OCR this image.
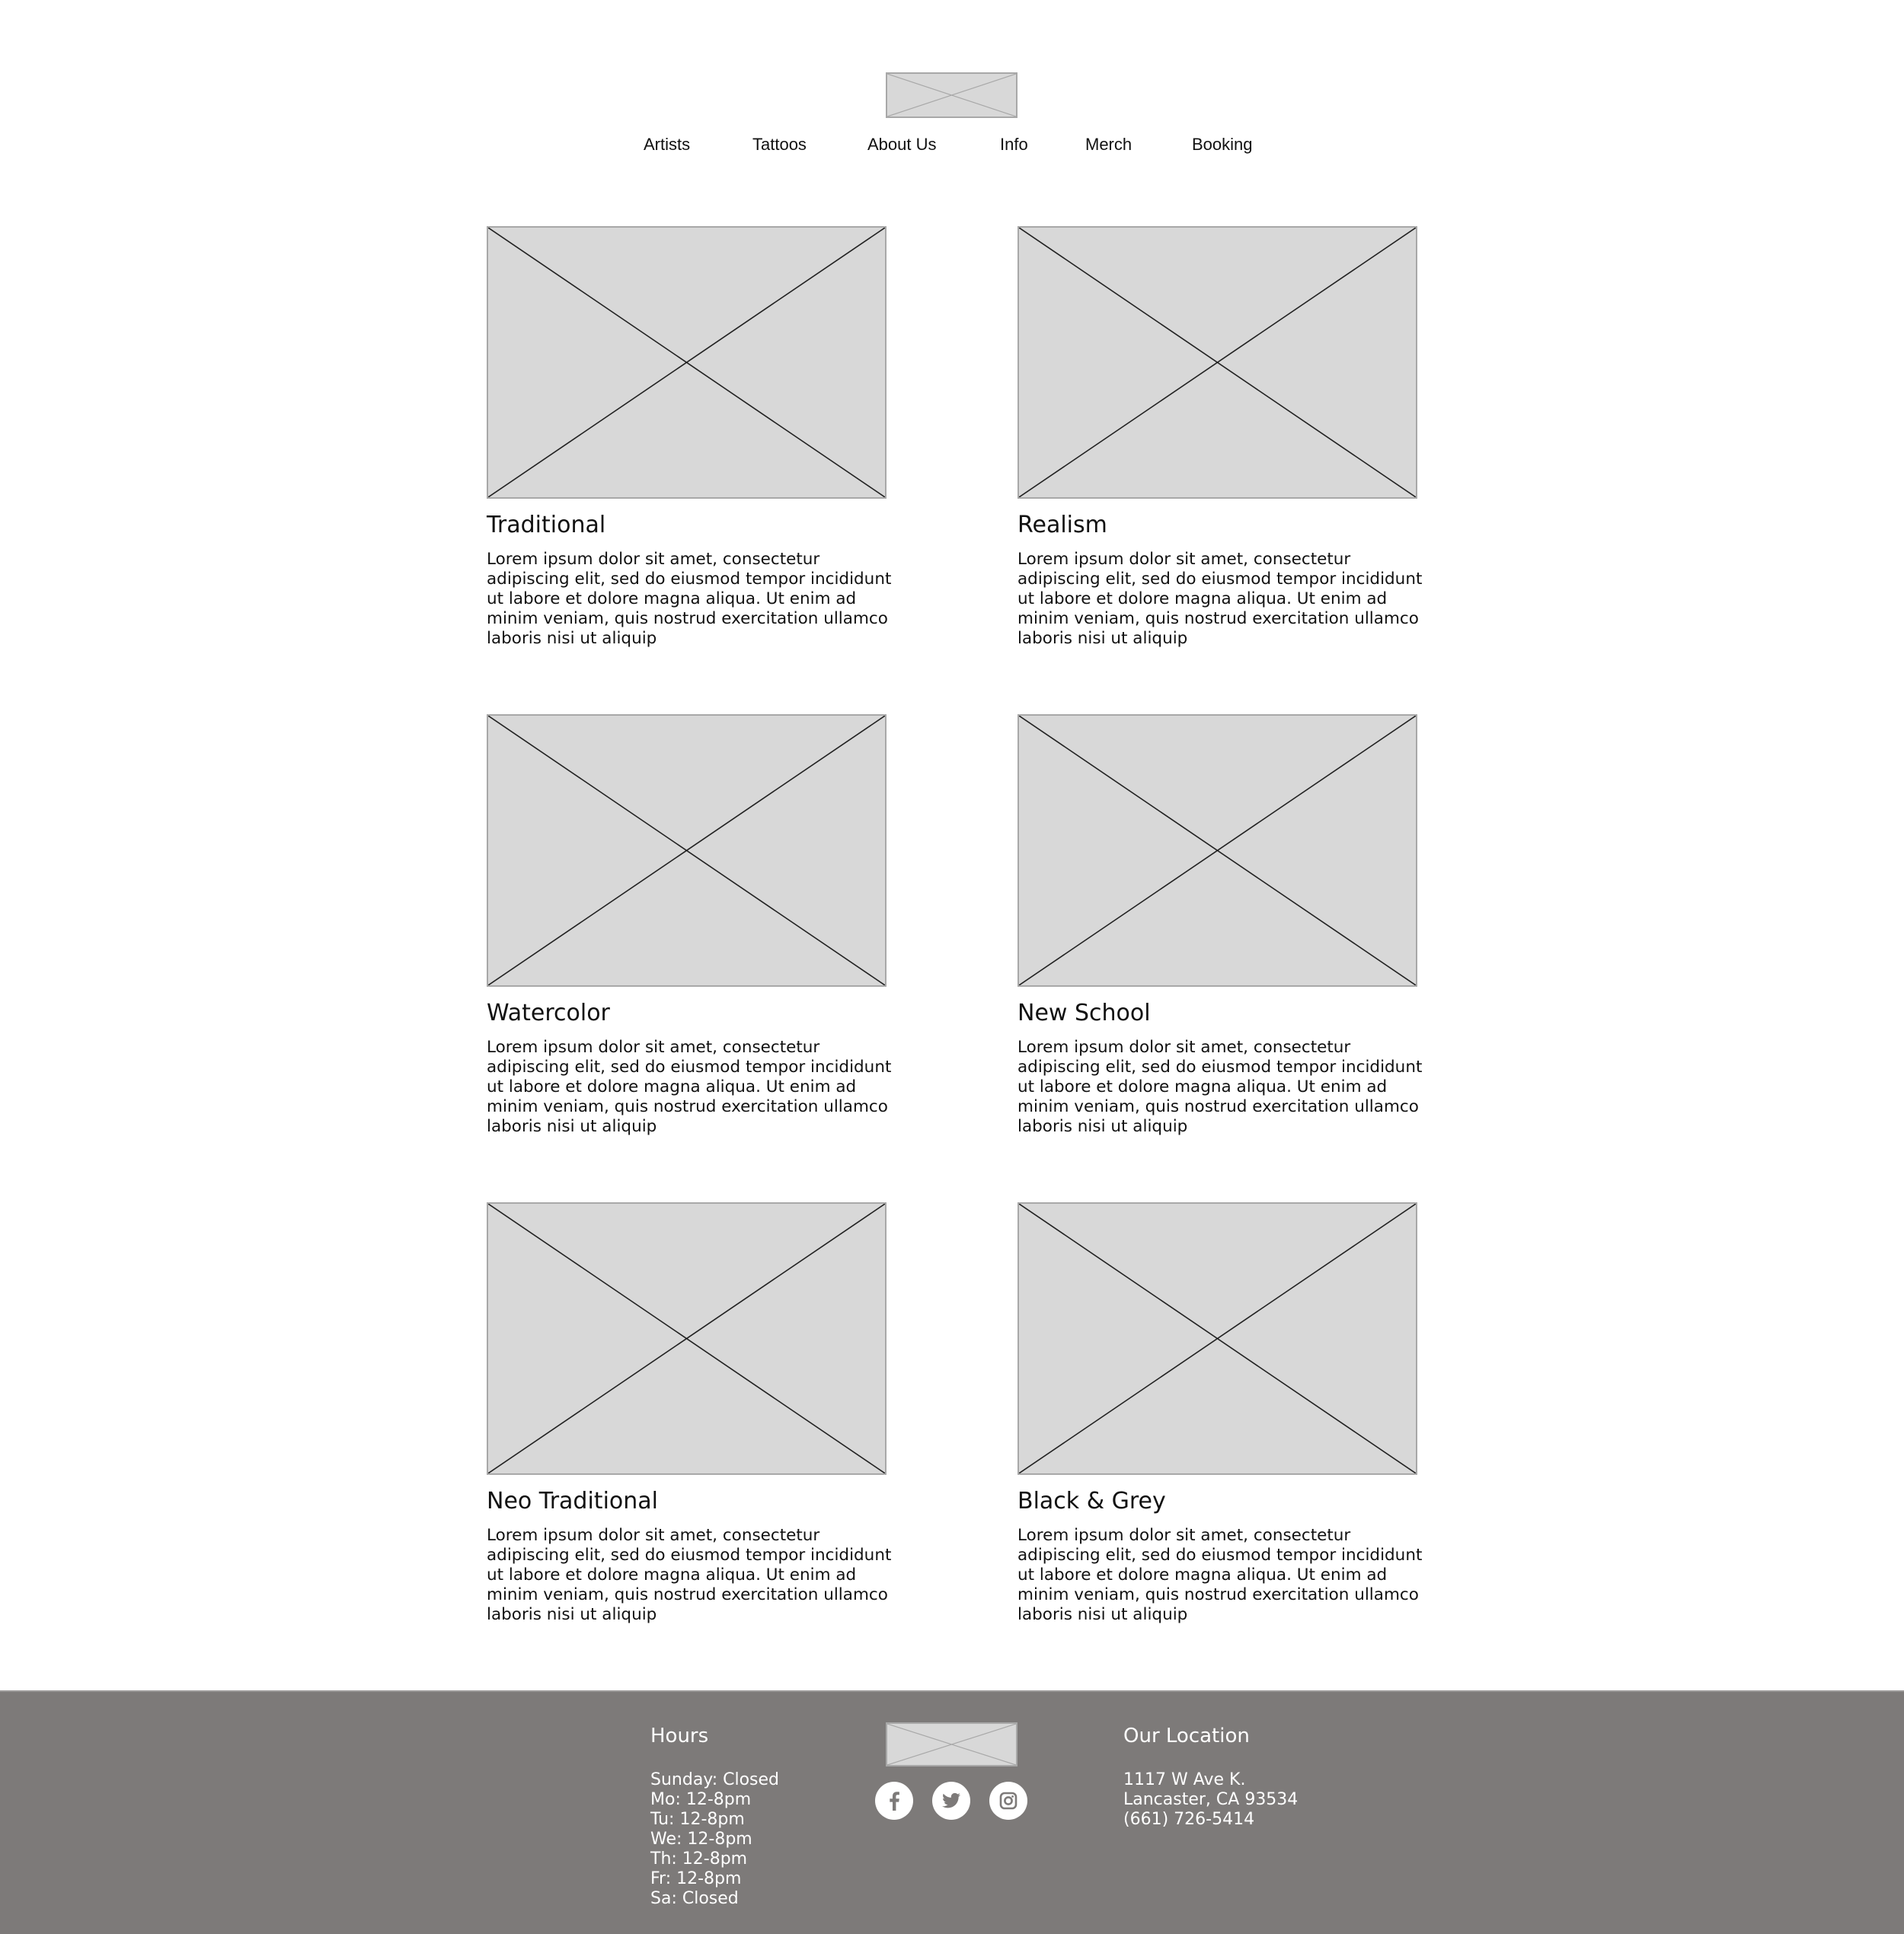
Artists	Tattoos	About Us	Info	Merch	Booking
Traditional

Lorem ipsum dolor sit amet, consectetur adipiscing elit, sed do eiusmod tempor incididunt ut labore et dolore magna aliqua. Ut enim ad minim veniam, quis nostrud exercitation ullamco laboris nisi ut aliquip

Realism

Lorem ipsum dolor sit amet, consectetur adipiscing elit, sed do eiusmod tempor incididunt ut labore et dolore magna aliqua. Ut enim ad minim veniam, quis nostrud exercitation ullamco laboris nisi ut aliquip

Watercolor

Lorem ipsum dolor sit amet, consectetur adipiscing elit, sed do eiusmod tempor incididunt ut labore et dolore magna aliqua. Ut enim ad minim veniam, quis nostrud exercitation ullamco laboris nisi ut aliquip

New School

Lorem ipsum dolor sit amet, consectetur adipiscing elit, sed do eiusmod tempor incididunt ut labore et dolore magna aliqua. Ut enim ad minim veniam, quis nostrud exercitation ullamco laboris nisi ut aliquip

Neo Traditional

Lorem ipsum dolor sit amet, consectetur adipiscing elit, sed do eiusmod tempor incididunt ut labore et dolore magna aliqua. Ut enim ad minim veniam, quis nostrud exercitation ullamco laboris nisi ut aliquip

Black & Grey

Lorem ipsum dolor sit amet, consectetur adipiscing elit, sed do eiusmod tempor incididunt ut labore et dolore magna aliqua. Ut enim ad minim veniam, quis nostrud exercitation ullamco laboris nisi ut aliquip

Hours
Sunday: Closed
Mo: 12-8pm
Tu: 12-8pm
We: 12-8pm
Th: 12-8pm
Fr: 12-8pm
Sa: Closed
Our Location
1117 W Ave K.
Lancaster, CA 93534
(661) 726-5414
